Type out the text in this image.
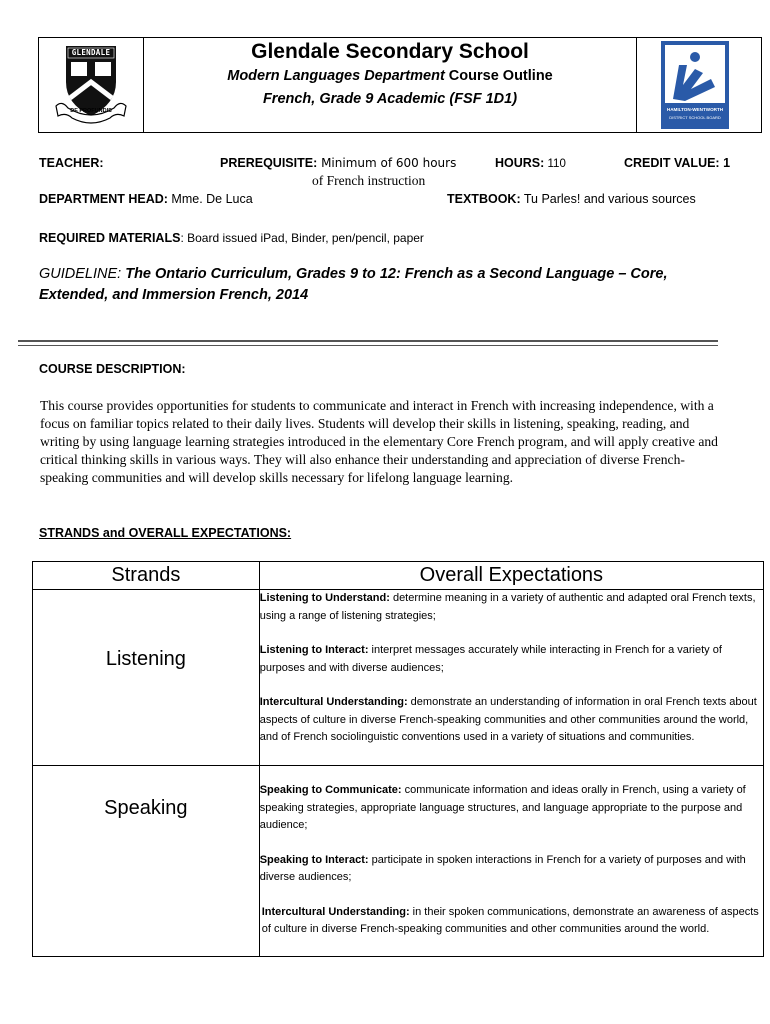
GLENDALE
DE PROFUNDIS
Glendale Secondary School
Modern Languages Department Course Outline
French, Grade 9 Academic (FSF 1D1)
HAMILTON-WENTWORTH
DISTRICT SCHOOL BOARD
TEACHER:	PREREQUISITE: Minimum of 600 hours
of French instruction
HOURS: 110	CREDIT VALUE: 1
DEPARTMENT HEAD: Mme. De Luca	TEXTBOOK: Tu Parles! and various sources
REQUIRED MATERIALS: Board issued iPad, Binder, pen/pencil, paper
GUIDELINE: The Ontario Curriculum, Grades 9 to 12: French as a Second Language – Core, Extended, and Immersion French, 2014
COURSE DESCRIPTION:
This course provides opportunities for students to communicate and interact in French with increasing independence, with a focus on familiar topics related to their daily lives. Students will develop their skills in listening, speaking, reading, and writing by using language learning strategies introduced in the elementary Core French program, and will apply creative and critical thinking skills in various ways. They will also enhance their understanding and appreciation of diverse French-speaking communities and will develop skills necessary for lifelong language learning.
STRANDS and OVERALL EXPECTATIONS:
Strands	Overall Expectations

Listening	Listening to Understand: determine meaning in a variety of authentic and adapted oral French texts, using a range of listening strategies;

Listening to Interact: interpret messages accurately while interacting in French for a variety of purposes and with diverse audiences;

Intercultural Understanding: demonstrate an understanding of information in oral French texts about aspects of culture in diverse French-speaking communities and other communities around the world, and of French sociolinguistic conventions used in a variety of situations and communities.

Speaking	Speaking to Communicate: communicate information and ideas orally in French, using a variety of speaking strategies, appropriate language structures, and language appropriate to the purpose and audience;

Speaking to Interact: participate in spoken interactions in French for a variety of purposes and with diverse audiences;

Intercultural Understanding: in their spoken communications, demonstrate an awareness of aspects of culture in diverse French-speaking communities and other communities around the world.
